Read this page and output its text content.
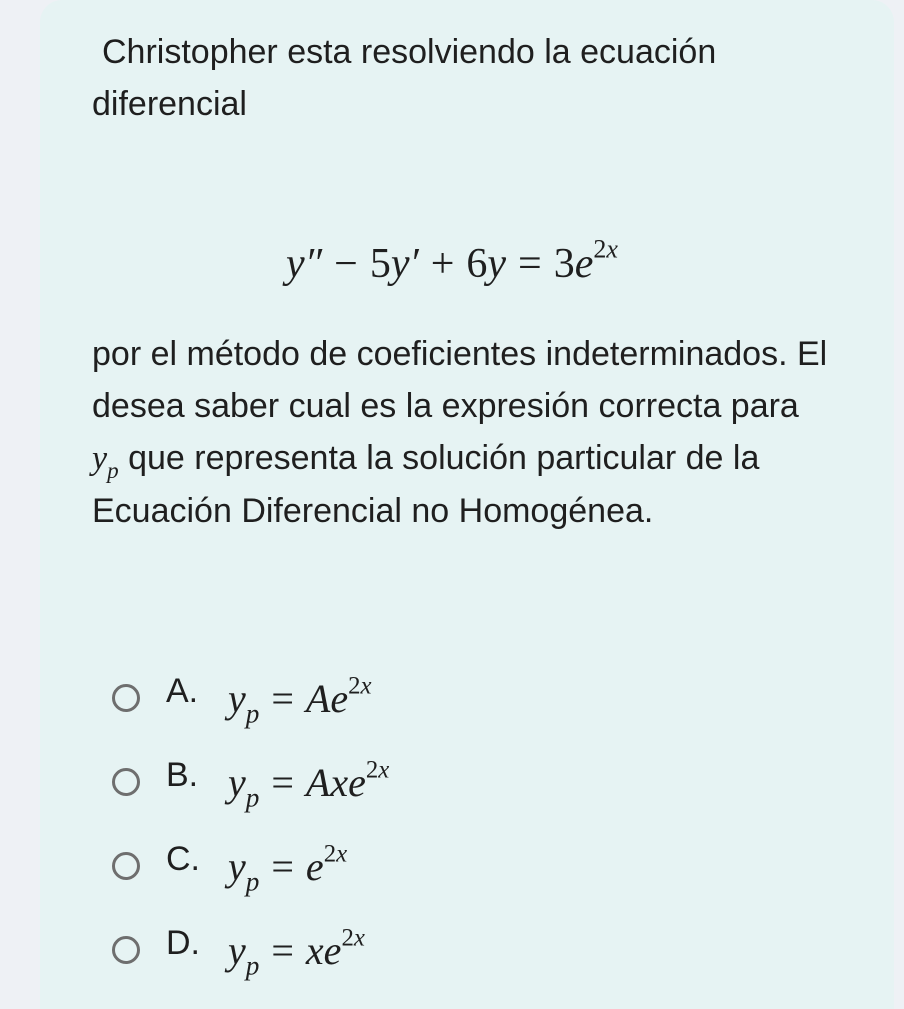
Christopher esta resolviendo la ecuación
diferencial

$y'' - 5y' + 6y = 3e^{2x}$

por el método de coeficientes indeterminados. El desea saber cual es la expresión correcta para $y_p$ que representa la solución particular de la Ecuación Diferencial no Homogénea.

A. $y_p = Ae^{2x}$
B. $y_p = Axe^{2x}$
C. $y_p = e^{2x}$
D. $y_p = xe^{2x}$
